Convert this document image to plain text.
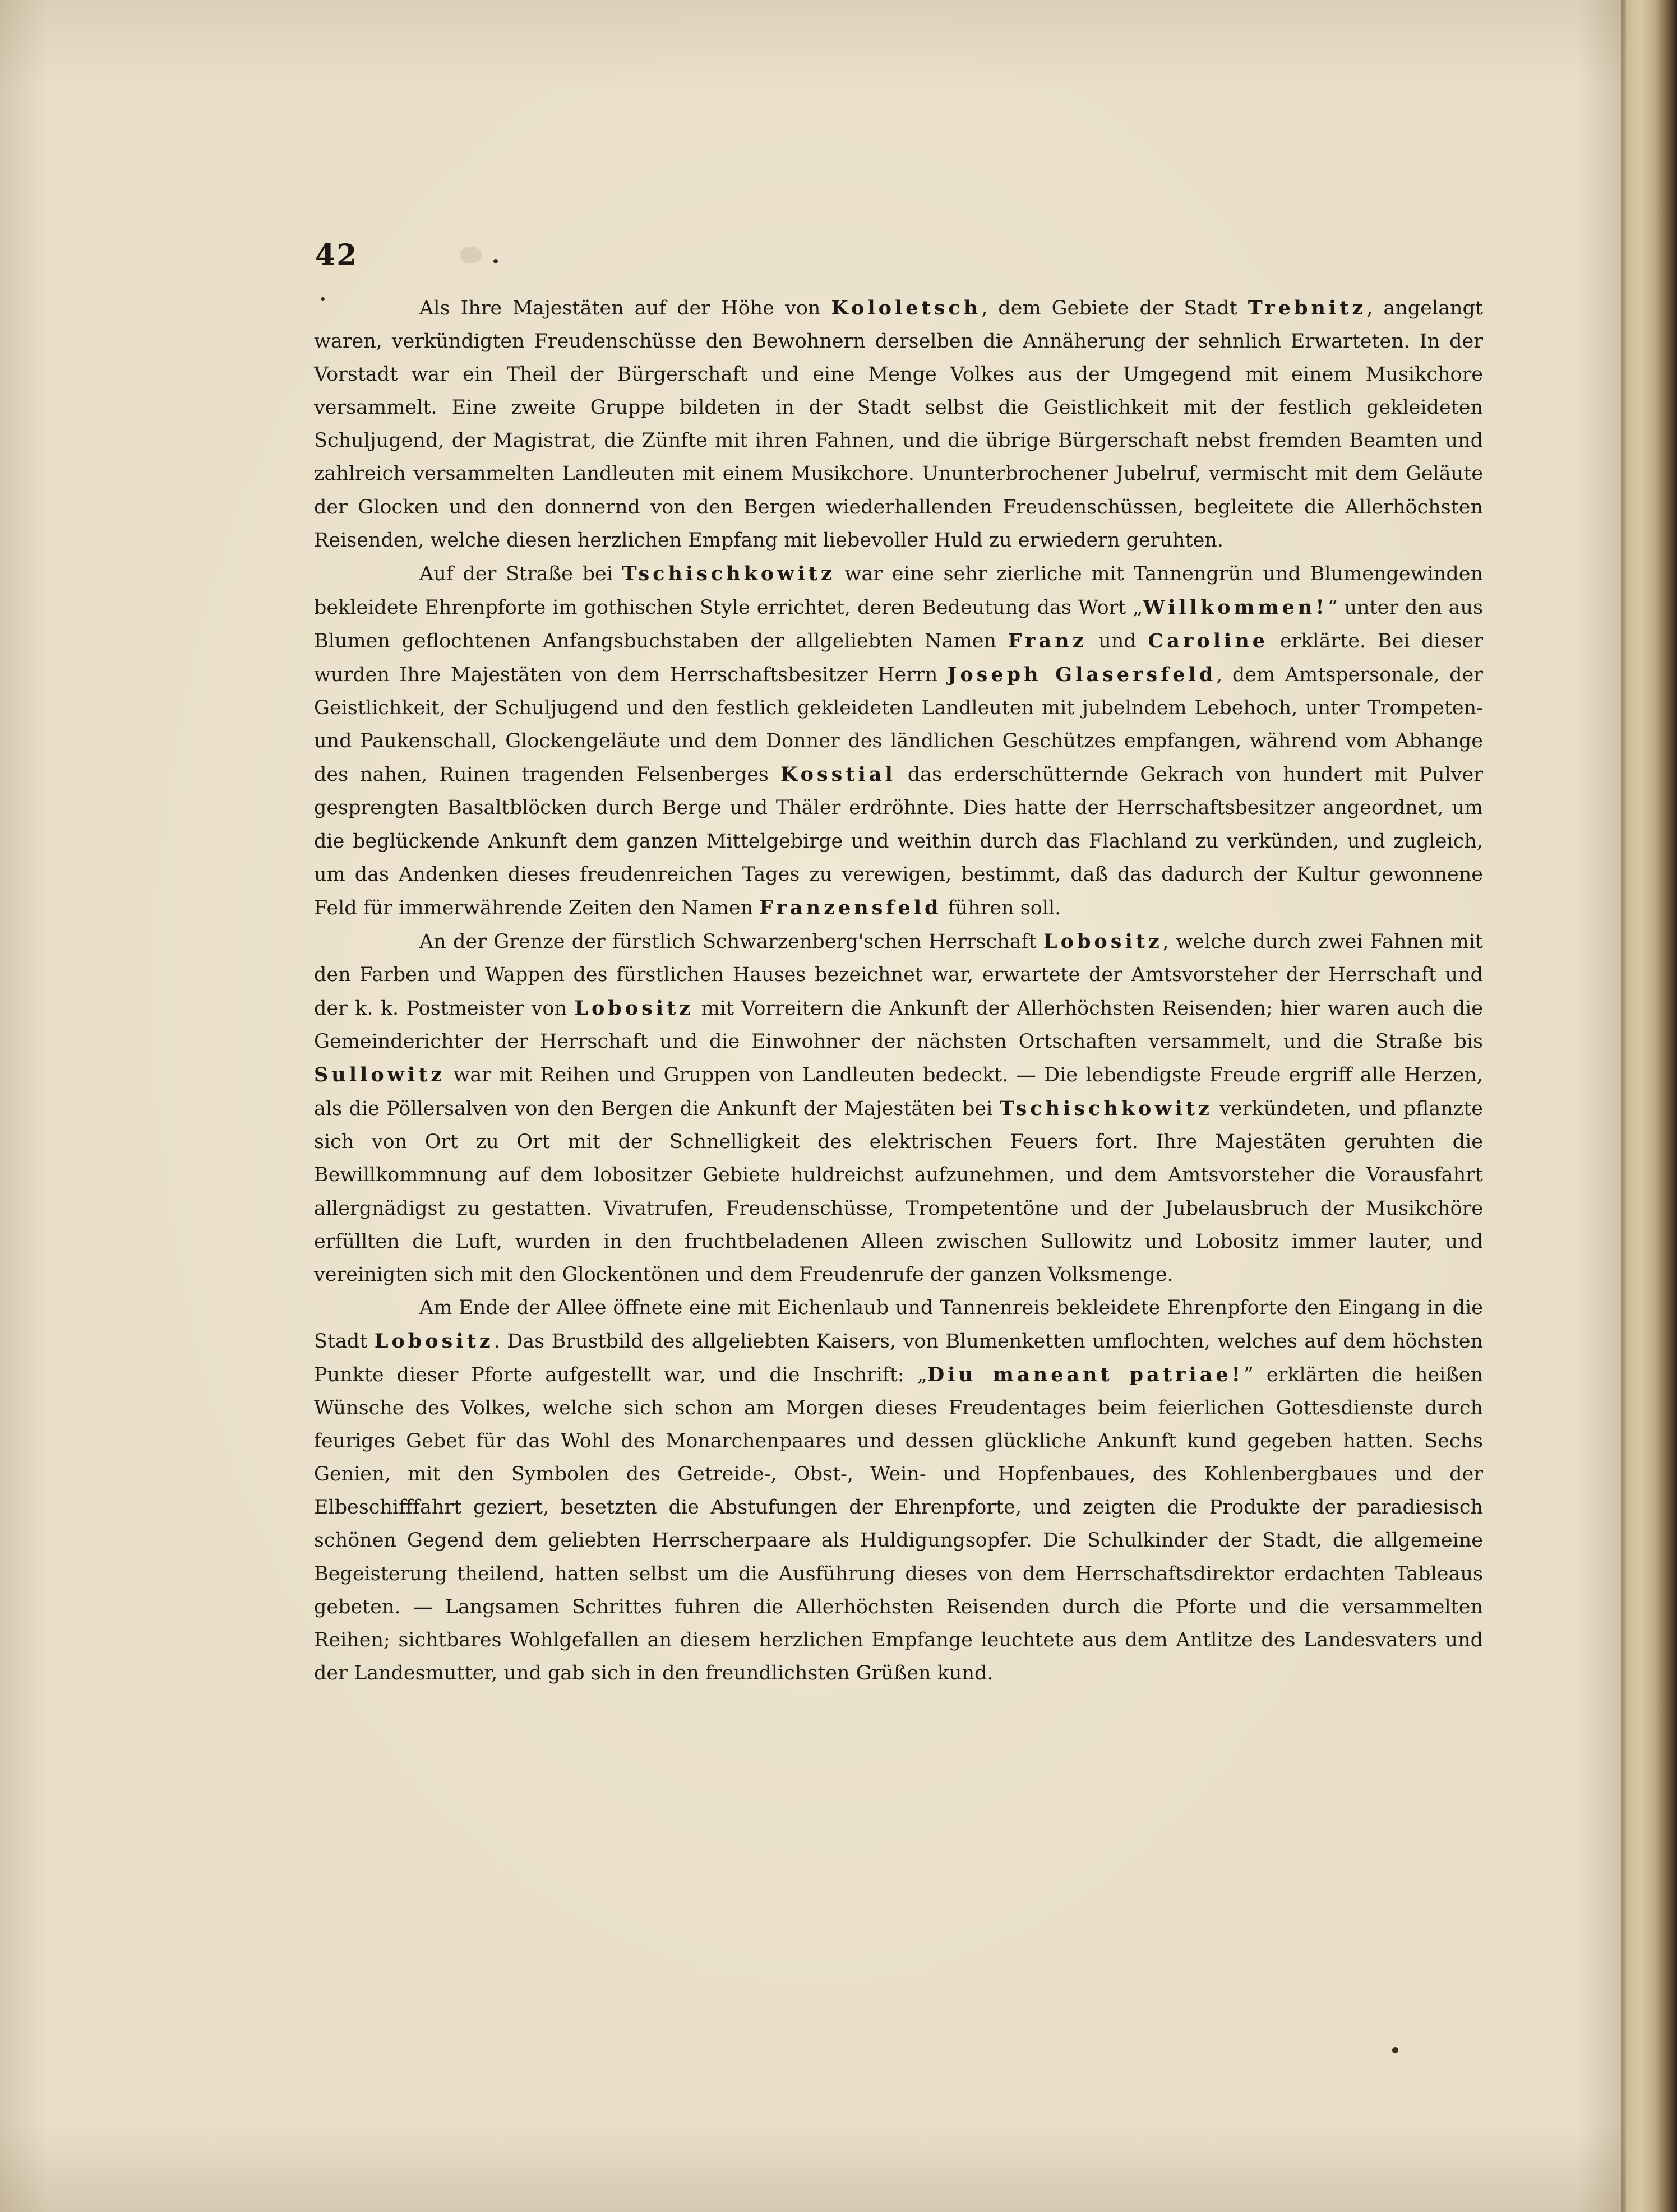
42

Als Ihre Majestäten auf der Höhe von Kololetsch, dem Gebiete der Stadt Trebnitz, angelangt waren, verkündigten Freudenschüsse den Bewohnern derselben die Annäherung der sehnlich Erwarteten. In der Vorstadt war ein Theil der Bürgerschaft und eine Menge Volkes aus der Umgegend mit einem Musikchore versammelt. Eine zweite Gruppe bildeten in der Stadt selbst die Geistlichkeit mit der festlich gekleideten Schuljugend, der Magistrat, die Zünfte mit ihren Fahnen, und die übrige Bürgerschaft nebst fremden Beamten und zahlreich versammelten Landleuten mit einem Musikchore. Ununterbrochener Jubelruf, vermischt mit dem Geläute der Glocken und den donnernd von den Bergen wiederhallenden Freudenschüssen, begleitete die Allerhöchsten Reisenden, welche diesen herzlichen Empfang mit liebevoller Huld zu erwiedern geruhten.

Auf der Straße bei Tschischkowitz war eine sehr zierliche mit Tannengrün und Blumengewinden bekleidete Ehrenpforte im gothischen Style errichtet, deren Bedeutung das Wort „Willkommen!“ unter den aus Blumen geflochtenen Anfangsbuchstaben der allgeliebten Namen Franz und Caroline erklärte. Bei dieser wurden Ihre Majestäten von dem Herrschaftsbesitzer Herrn Joseph Glasersfeld, dem Amtspersonale, der Geistlichkeit, der Schuljugend und den festlich gekleideten Landleuten mit jubelndem Lebehoch, unter Trompeten- und Paukenschall, Glockengeläute und dem Donner des ländlichen Geschützes empfangen, während vom Abhange des nahen, Ruinen tragenden Felsenberges Kosstial das erderschütternde Gekrach von hundert mit Pulver gesprengten Basaltblöcken durch Berge und Thäler erdröhnte. Dies hatte der Herrschaftsbesitzer angeordnet, um die beglückende Ankunft dem ganzen Mittelgebirge und weithin durch das Flachland zu verkünden, und zugleich, um das Andenken dieses freudenreichen Tages zu verewigen, bestimmt, daß das dadurch der Kultur gewonnene Feld für immerwährende Zeiten den Namen Franzensfeld führen soll.

An der Grenze der fürstlich Schwarzenberg'schen Herrschaft Lobositz, welche durch zwei Fahnen mit den Farben und Wappen des fürstlichen Hauses bezeichnet war, erwartete der Amtsvorsteher der Herrschaft und der k. k. Postmeister von Lobositz mit Vorreitern die Ankunft der Allerhöchsten Reisenden; hier waren auch die Gemeinderichter der Herrschaft und die Einwohner der nächsten Ortschaften versammelt, und die Straße bis Sullowitz war mit Reihen und Gruppen von Landleuten bedeckt. — Die lebendigste Freude ergriff alle Herzen, als die Pöllersalven von den Bergen die Ankunft der Majestäten bei Tschischkowitz verkündeten, und pflanzte sich von Ort zu Ort mit der Schnelligkeit des elektrischen Feuers fort. Ihre Majestäten geruhten die Bewillkommnung auf dem lobositzer Gebiete huldreichst aufzunehmen, und dem Amtsvorsteher die Vorausfahrt allergnädigst zu gestatten. Vivatrufen, Freudenschüsse, Trompetentöne und der Jubelausbruch der Musikchöre erfüllten die Luft, wurden in den fruchtbeladenen Alleen zwischen Sullowitz und Lobositz immer lauter, und vereinigten sich mit den Glockentönen und dem Freudenrufe der ganzen Volksmenge.

Am Ende der Allee öffnete eine mit Eichenlaub und Tannenreis bekleidete Ehrenpforte den Eingang in die Stadt Lobositz. Das Brustbild des allgeliebten Kaisers, von Blumenketten umflochten, welches auf dem höchsten Punkte dieser Pforte aufgestellt war, und die Inschrift: „Diu maneant patriae!” erklärten die heißen Wünsche des Volkes, welche sich schon am Morgen dieses Freudentages beim feierlichen Gottesdienste durch feuriges Gebet für das Wohl des Monarchenpaares und dessen glückliche Ankunft kund gegeben hatten. Sechs Genien, mit den Symbolen des Getreide-, Obst-, Wein- und Hopfenbaues, des Kohlenbergbaues und der Elbeschifffahrt geziert, besetzten die Abstufungen der Ehrenpforte, und zeigten die Produkte der paradiesisch schönen Gegend dem geliebten Herrscherpaare als Huldigungsopfer. Die Schulkinder der Stadt, die allgemeine Begeisterung theilend, hatten selbst um die Ausführung dieses von dem Herrschaftsdirektor erdachten Tableaus gebeten. — Langsamen Schrittes fuhren die Allerhöchsten Reisenden durch die Pforte und die versammelten Reihen; sichtbares Wohlgefallen an diesem herzlichen Empfange leuchtete aus dem Antlitze des Landesvaters und der Landesmutter, und gab sich in den freundlichsten Grüßen kund.
